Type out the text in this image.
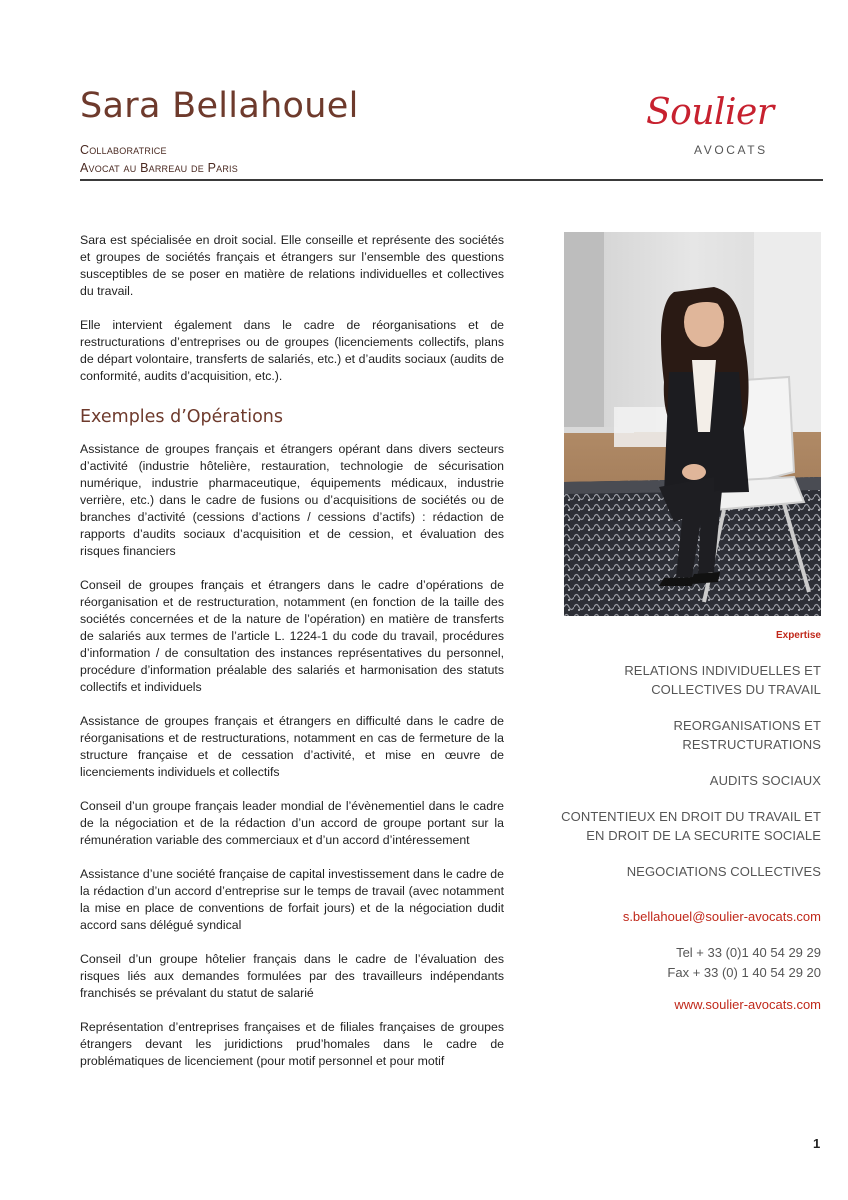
Sara Bellahouel
Collaboratrice
Avocat au Barreau de Paris
Soulier
AVOCATS

Sara est spécialisée en droit social. Elle conseille et représente des sociétés et groupes de sociétés français et étrangers sur l’ensemble des questions susceptibles de se poser en matière de relations individuelles et collectives du travail.

Elle intervient également dans le cadre de réorganisations et de restructurations d’entreprises ou de groupes (licenciements collectifs, plans de départ volontaire, transferts de salariés, etc.) et d’audits sociaux (audits de conformité, audits d’acquisition, etc.).

Exemples d’Opérations

Assistance de groupes français et étrangers opérant dans divers secteurs d’activité (industrie hôtelière, restauration, technologie de sécurisation numérique, industrie pharmaceutique, équipements médicaux, industrie verrière, etc.) dans le cadre de fusions ou d’acquisitions de sociétés ou de branches d’activité (cessions d’actions / cessions d’actifs) : rédaction de rapports d’audits sociaux d’acquisition et de cession, et évaluation des risques financiers

Conseil de groupes français et étrangers dans le cadre d’opérations de réorganisation et de restructuration, notamment (en fonction de la taille des sociétés concernées et de la nature de l’opération) en matière de transferts de salariés aux termes de l’article L. 1224-1 du code du travail, procédures d’information / de consultation des instances représentatives du personnel, procédure d’information préalable des salariés et harmonisation des statuts collectifs et individuels

Assistance de groupes français et étrangers en difficulté dans le cadre de réorganisations et de restructurations, notamment en cas de fermeture de la structure française et de cessation d’activité, et mise en œuvre de licenciements individuels et collectifs

Conseil d’un groupe français leader mondial de l’évènementiel dans le cadre de la négociation et de la rédaction d’un accord de groupe portant sur la rémunération variable des commerciaux et d’un accord d’intéressement

Assistance d’une société française de capital investissement dans le cadre de la rédaction d’un accord d’entreprise sur le temps de travail (avec notamment la mise en place de conventions de forfait jours) et de la négociation dudit accord sans délégué syndical

Conseil d’un groupe hôtelier français dans le cadre de l’évaluation des risques liés aux demandes formulées par des travailleurs indépendants franchisés se prévalant du statut de salarié

Représentation d’entreprises françaises et de filiales françaises de groupes étrangers devant les juridictions prud’homales dans le cadre de problématiques de licenciement (pour motif personnel et pour motif

Expertise
RELATIONS INDIVIDUELLES ET
COLLECTIVES DU TRAVAIL
REORGANISATIONS ET
RESTRUCTURATIONS
AUDITS SOCIAUX
CONTENTIEUX EN DROIT DU TRAVAIL ET
EN DROIT DE LA SECURITE SOCIALE
NEGOCIATIONS COLLECTIVES
s.bellahouel@soulier-avocats.com

Tel + 33 (0)1 40 54 29 29

Fax + 33 (0) 1 40 54 29 20

www.soulier-avocats.com
1
